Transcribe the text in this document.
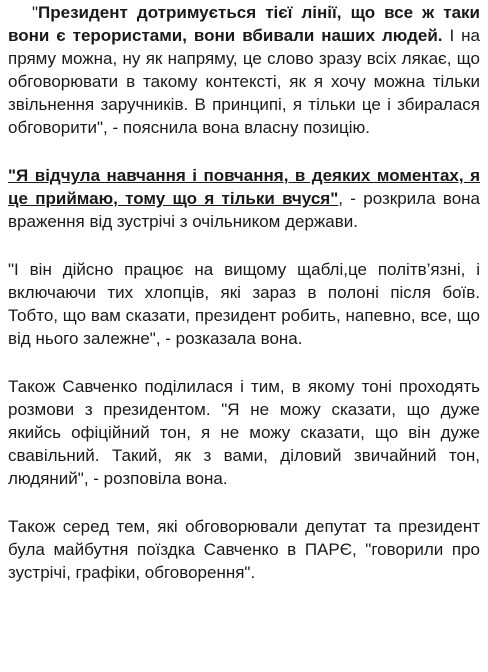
"Президент дотримується тієї лінії, що все ж таки вони є терористами, вони вбивали наших людей. І на пряму можна, ну як напряму, це слово зразу всіх лякає, що обговорювати в такому контексті, як я хочу можна тільки звільнення заручників. В принципі, я тільки це і збиралася обговорити", - пояснила вона власну позицію.

"Я відчула навчання і повчання, в деяких моментах, я це приймаю, тому що я тільки вчуся", - розкрила вона враження від зустрічі з очільником держави.

"І він дійсно працює на вищому щаблі,це політв’язні, і включаючи тих хлопців, які зараз в полоні після боїв. Тобто, що вам сказати, президент робить, напевно, все, що від нього залежне", - розказала вона.

Також Савченко поділилася і тим, в якому тоні проходять розмови з президентом. "Я не можу сказати, що дуже якийсь офіційний тон, я не можу сказати, що він дуже свавільний. Такий, як з вами, діловий звичайний тон, людяний", - розповіла вона.

Також серед тем, які обговорювали депутат та президент була майбутня поїздка Савченко в ПАРЄ, "говорили про зустрічі, графіки, обговорення".
